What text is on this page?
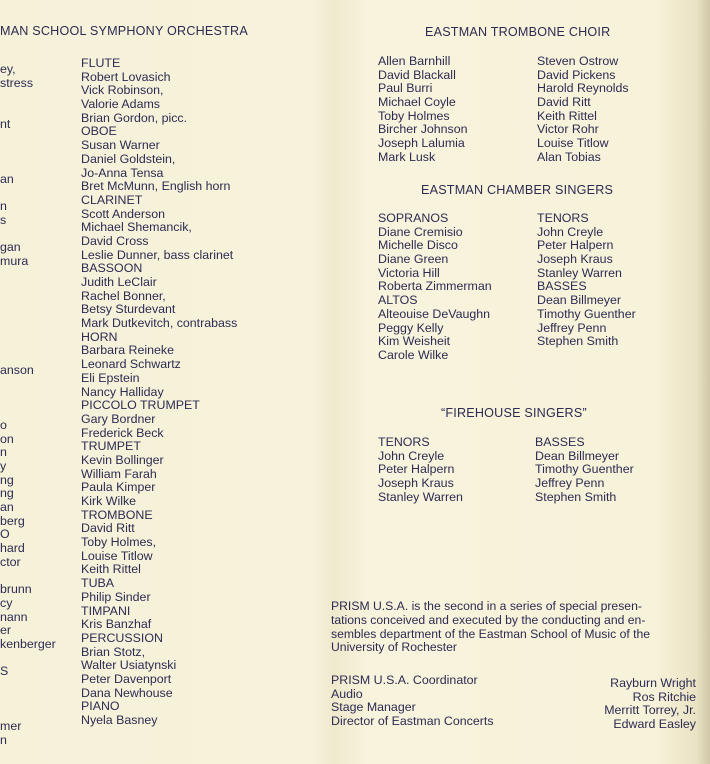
MAN SCHOOL SYMPHONY ORCHESTRA
ey,
stress
nt
an
n
s
gan
mura
anson
o
on
n
y
ng
ng
an
berg
O
hard
ctor
brunn
cy
nann
er
kenberger
S
mer
n
FLUTE
Robert Lovasich
Vick Robinson,
Valorie Adams
Brian Gordon, picc.
OBOE
Susan Warner
Daniel Goldstein,
Jo-Anna Tensa
Bret McMunn, English horn
CLARINET
Scott Anderson
Michael Shemancik,
David Cross
Leslie Dunner, bass clarinet
BASSOON
Judith LeClair
Rachel Bonner,
Betsy Sturdevant
Mark Dutkevitch, contrabass
HORN
Barbara Reineke
Leonard Schwartz
Eli Epstein
Nancy Halliday
PICCOLO TRUMPET
Gary Bordner
Frederick Beck
TRUMPET
Kevin Bollinger
William Farah
Paula Kimper
Kirk Wilke
TROMBONE
David Ritt
Toby Holmes,
Louise Titlow
Keith Rittel
TUBA
Philip Sinder
TIMPANI
Kris Banzhaf
PERCUSSION
Brian Stotz,
Walter Usiatynski
Peter Davenport
Dana Newhouse
PIANO
Nyela Basney
EASTMAN TROMBONE CHOIR
Allen Barnhill
David Blackall
Paul Burri
Michael Coyle
Toby Holmes
Bircher Johnson
Joseph Lalumia
Mark Lusk
Steven Ostrow
David Pickens
Harold Reynolds
David Ritt
Keith Rittel
Victor Rohr
Louise Titlow
Alan Tobias
EASTMAN CHAMBER SINGERS
SOPRANOS
Diane Cremisio
Michelle Disco
Diane Green
Victoria Hill
Roberta Zimmerman
ALTOS
Alteouise DeVaughn
Peggy Kelly
Kim Weisheit
Carole Wilke
TENORS
John Creyle
Peter Halpern
Joseph Kraus
Stanley Warren
BASSES
Dean Billmeyer
Timothy Guenther
Jeffrey Penn
Stephen Smith
“FIREHOUSE SINGERS”
TENORS
John Creyle
Peter Halpern
Joseph Kraus
Stanley Warren
BASSES
Dean Billmeyer
Timothy Guenther
Jeffrey Penn
Stephen Smith
PRISM U.S.A. is the second in a series of special presen-
tations conceived and executed by the conducting and en-
sembles department of the Eastman School of Music of the
University of Rochester
PRISM U.S.A. Coordinator
Audio
Stage Manager
Director of Eastman Concerts
Rayburn Wright
Ros Ritchie
Merritt Torrey, Jr.
Edward Easley
